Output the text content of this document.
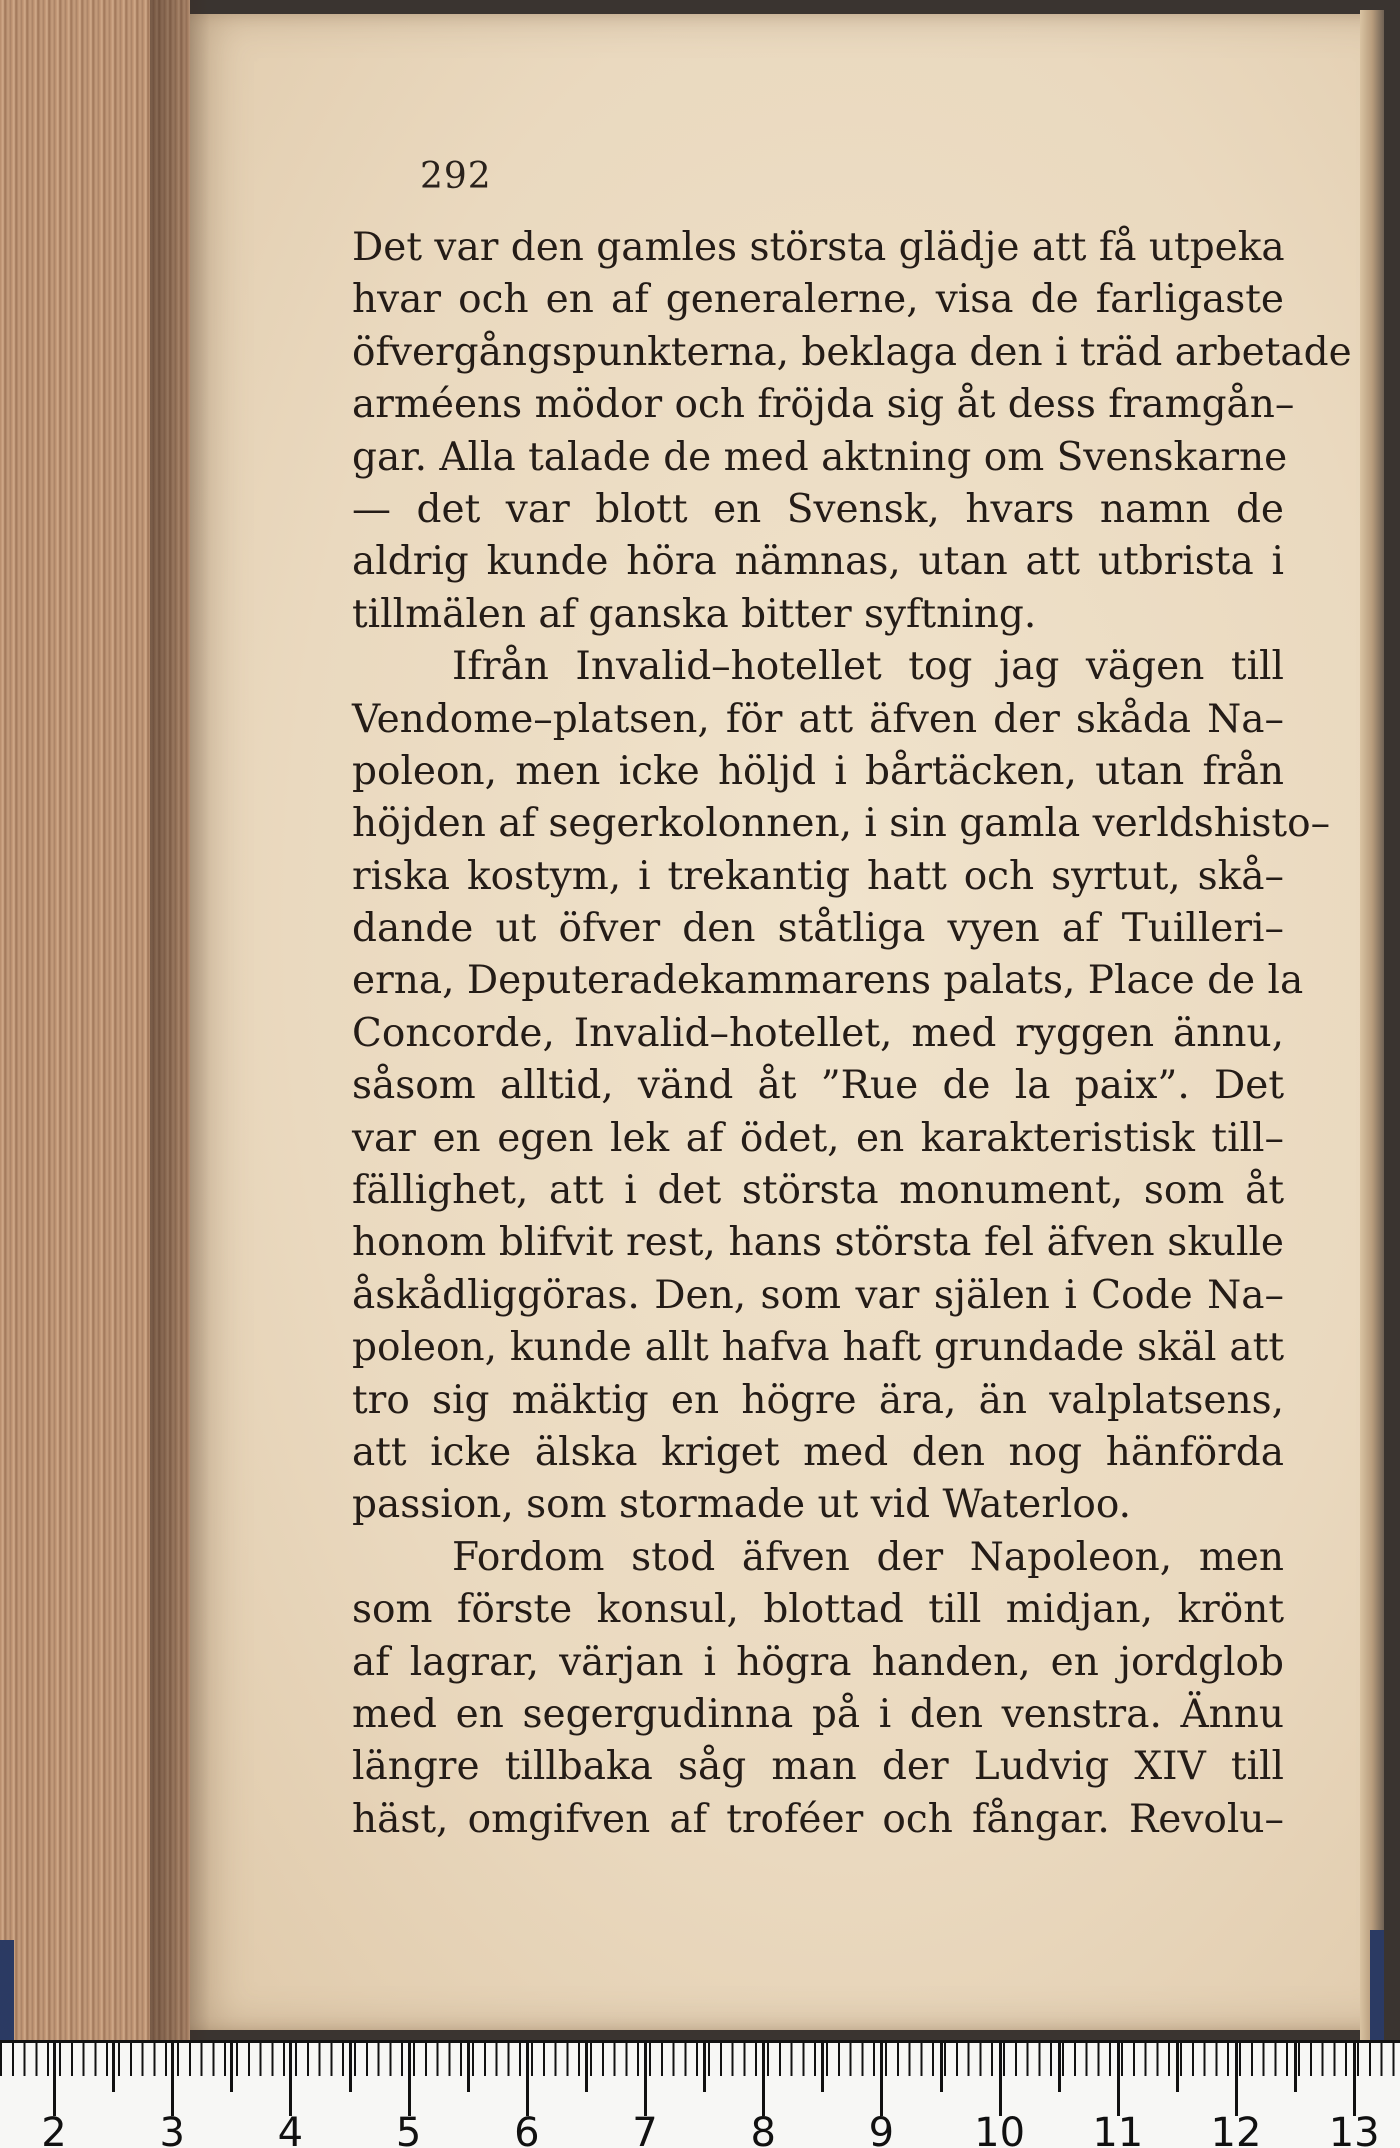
292
Det var den gamles största glädje att få utpeka
hvar och en af generalerne, visa de farligaste
öfvergångspunkterna, beklaga den i träd arbetade
arméens mödor och fröjda sig åt dess framgån–
gar. Alla talade de med aktning om Svenskarne
— det var blott en Svensk, hvars namn de
aldrig kunde höra nämnas, utan att utbrista i
tillmälen af ganska bitter syftning.
Ifrån Invalid–hotellet tog jag vägen till
Vendome–platsen, för att äfven der skåda Na–
poleon, men icke höljd i bårtäcken, utan från
höjden af segerkolonnen, i sin gamla verldshisto–
riska kostym, i trekantig hatt och syrtut, skå–
dande ut öfver den ståtliga vyen af Tuilleri–
erna, Deputeradekammarens palats, Place de la
Concorde, Invalid–hotellet, med ryggen ännu,
såsom alltid, vänd åt ”Rue de la paix”. Det
var en egen lek af ödet, en karakteristisk till–
fällighet, att i det största monument, som åt
honom blifvit rest, hans största fel äfven skulle
åskådliggöras. Den, som var själen i Code Na–
poleon, kunde allt hafva haft grundade skäl att
tro sig mäktig en högre ära, än valplatsens,
att icke älska kriget med den nog hänförda
passion, som stormade ut vid Waterloo.
Fordom stod äfven der Napoleon, men
som förste konsul, blottad till midjan, krönt
af lagrar, värjan i högra handen, en jordglob
med en segergudinna på i den venstra. Ännu
längre tillbaka såg man der Ludvig XIV till
häst, omgifven af troféer och fångar. Revolu–
2 3 4 5 6 7 8 9 10 11 12 13
